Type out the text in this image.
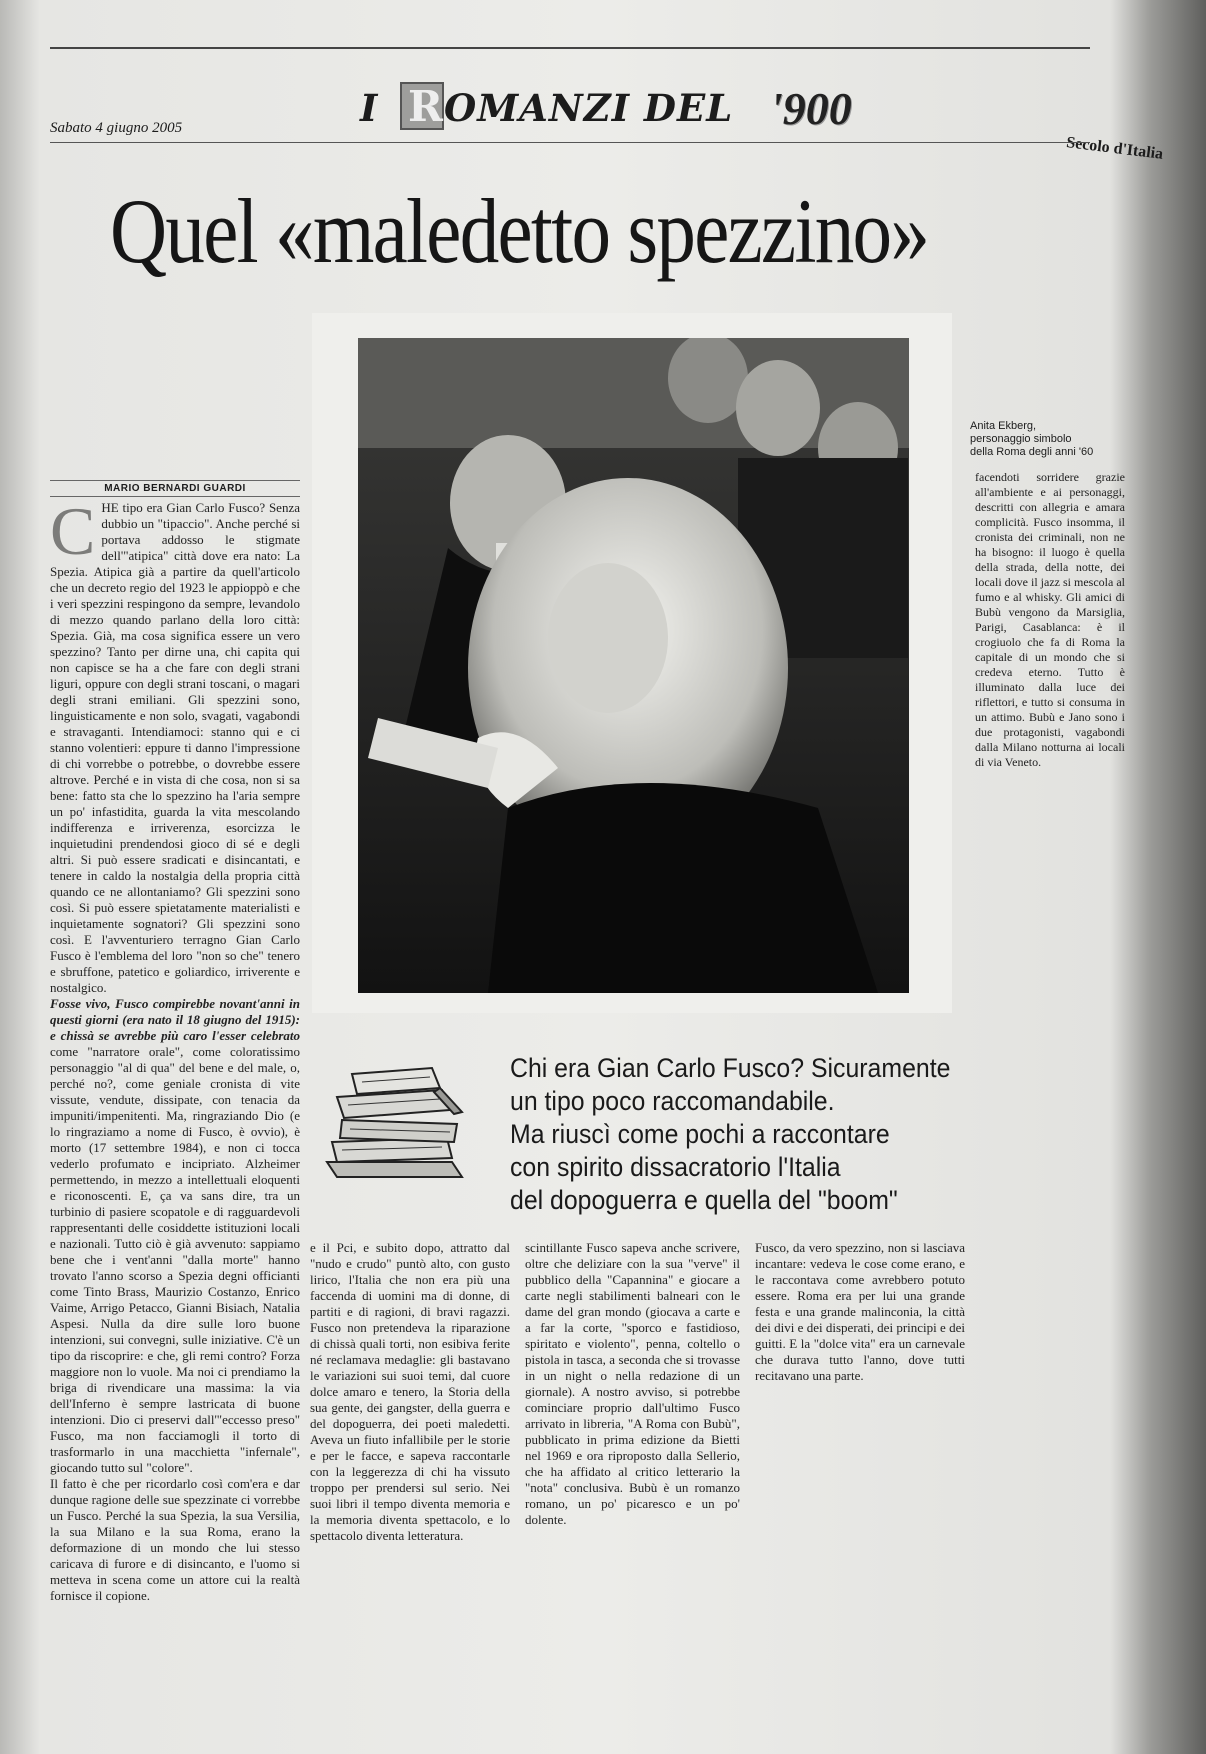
I R OMANZI DEL '900
Sabato 4 giugno 2005
Secolo d'Italia
Quel «maledetto spezzino»
Anita Ekberg,
personaggio simbolo
della Roma degli anni '60
MARIO BERNARDI GUARDI
C HE tipo era Gian Carlo Fusco? Senza dubbio un "tipaccio". Anche perché si portava addosso le stigmate dell'"atipica" città dove era nato: La Spezia. Atipica già a partire da quell'articolo che un decreto regio del 1923 le appioppò e che i veri spezzini respingono da sempre, levandolo di mezzo quando parlano della loro città: Spezia. Già, ma cosa significa essere un vero spezzino? Tanto per dirne una, chi capita qui non capisce se ha a che fare con degli strani liguri, oppure con degli strani toscani, o magari degli strani emiliani. Gli spezzini sono, linguisticamente e non solo, svagati, vagabondi e stravaganti. Intendiamoci: stanno qui e ci stanno volentieri: eppure ti danno l'impressione di chi vorrebbe o potrebbe, o dovrebbe essere altrove. Perché e in vista di che cosa, non si sa bene: fatto sta che lo spezzino ha l'aria sempre un po' infastidita, guarda la vita mescolando indifferenza e irriverenza, esorcizza le inquietudini prendendosi gioco di sé e degli altri. Si può essere sradicati e disincantati, e tenere in caldo la nostalgia della propria città quando ce ne allontaniamo? Gli spezzini sono così. Si può essere spietatamente materialisti e inquietamente sognatori? Gli spezzini sono così. E l'avventuriero terragno Gian Carlo Fusco è l'emblema del loro "non so che" tenero e sbruffone, patetico e goliardico, irriverente e nostalgico.
Fosse vivo, Fusco compirebbe novant'anni in questi giorni (era nato il 18 giugno del 1915): e chissà se avrebbe più caro l'esser celebrato come "narratore orale", come coloratissimo personaggio "al di qua" del bene e del male, o, perché no?, come geniale cronista di vite vissute, vendute, dissipate, con tenacia da impuniti/impenitenti. Ma, ringraziando Dio (e lo ringraziamo a nome di Fusco, è ovvio), è morto (17 settembre 1984), e non ci tocca vederlo profumato e incipriato. Alzheimer permettendo, in mezzo a intellettuali eloquenti e riconoscenti. E, ça va sans dire, tra un turbinio di pasiere scopatole e di ragguardevoli rappresentanti delle cosiddette istituzioni locali e nazionali. Tutto ciò è già avvenuto: sappiamo bene che i vent'anni "dalla morte" hanno trovato l'anno scorso a Spezia degni officianti come Tinto Brass, Maurizio Costanzo, Enrico Vaime, Arrigo Petacco, Gianni Bisiach, Natalia Aspesi. Nulla da dire sulle loro buone intenzioni, sui convegni, sulle iniziative. C'è un tipo da riscoprire: e che, gli remi contro? Forza maggiore non lo vuole. Ma noi ci prendiamo la briga di rivendicare una massima: la via dell'Inferno è sempre lastricata di buone intenzioni. Dio ci preservi dall'"eccesso preso" Fusco, ma non facciamogli il torto di trasformarlo in una macchietta "infernale", giocando tutto sul "colore".
Il fatto è che per ricordarlo così com'era e dar dunque ragione delle sue spezzinate ci vorrebbe un Fusco. Perché la sua Spezia, la sua Versilia, la sua Milano e la sua Roma, erano la deformazione di un mondo che lui stesso caricava di furore e di disincanto, e l'uomo si metteva in scena come un attore cui la realtà fornisce il copione.
Chi era Gian Carlo Fusco? Sicuramente
un tipo poco raccomandabile.
Ma riuscì come pochi a raccontare
con spirito dissacratorio l'Italia
del dopoguerra e quella del "boom"
e il Pci, e subito dopo, attratto dal "nudo e crudo" puntò alto, con gusto lirico, l'Italia che non era più una faccenda di uomini ma di donne, di partiti e di ragioni, di bravi ragazzi. Fusco non pretendeva la riparazione di chissà quali torti, non esibiva ferite né reclamava medaglie: gli bastavano le variazioni sui suoi temi, dal cuore dolce amaro e tenero, la Storia della sua gente, dei gangster, della guerra e del dopoguerra, dei poeti maledetti. Aveva un fiuto infallibile per le storie e per le facce, e sapeva raccontarle con la leggerezza di chi ha vissuto troppo per prendersi sul serio. Nei suoi libri il tempo diventa memoria e la memoria diventa spettacolo, e lo spettacolo diventa letteratura.
scintillante Fusco sapeva anche scrivere, oltre che deliziare con la sua "verve" il pubblico della "Capannina" e giocare a carte negli stabilimenti balneari con le dame del gran mondo (giocava a carte e a far la corte, "sporco e fastidioso, spiritato e violento", penna, coltello o pistola in tasca, a seconda che si trovasse in un night o nella redazione di un giornale). A nostro avviso, si potrebbe cominciare proprio dall'ultimo Fusco arrivato in libreria, "A Roma con Bubù", pubblicato in prima edizione da Bietti nel 1969 e ora riproposto dalla Sellerio, che ha affidato al critico letterario la "nota" conclusiva. Bubù è un romanzo romano, un po' picaresco e un po' dolente.
Fusco, da vero spezzino, non si lasciava incantare: vedeva le cose come erano, e le raccontava come avrebbero potuto essere. Roma era per lui una grande festa e una grande malinconia, la città dei divi e dei disperati, dei principi e dei guitti. E la "dolce vita" era un carnevale che durava tutto l'anno, dove tutti recitavano una parte.
facendoti sorridere grazie all'ambiente e ai personaggi, descritti con allegria e amara complicità. Fusco insomma, il cronista dei criminali, non ne ha bisogno: il luogo è quella della strada, della notte, dei locali dove il jazz si mescola al fumo e al whisky. Gli amici di Bubù vengono da Marsiglia, Parigi, Casablanca: è il crogiuolo che fa di Roma la capitale di un mondo che si credeva eterno. Tutto è illuminato dalla luce dei riflettori, e tutto si consuma in un attimo. Bubù e Jano sono i due protagonisti, vagabondi dalla Milano notturna ai locali di via Veneto.
